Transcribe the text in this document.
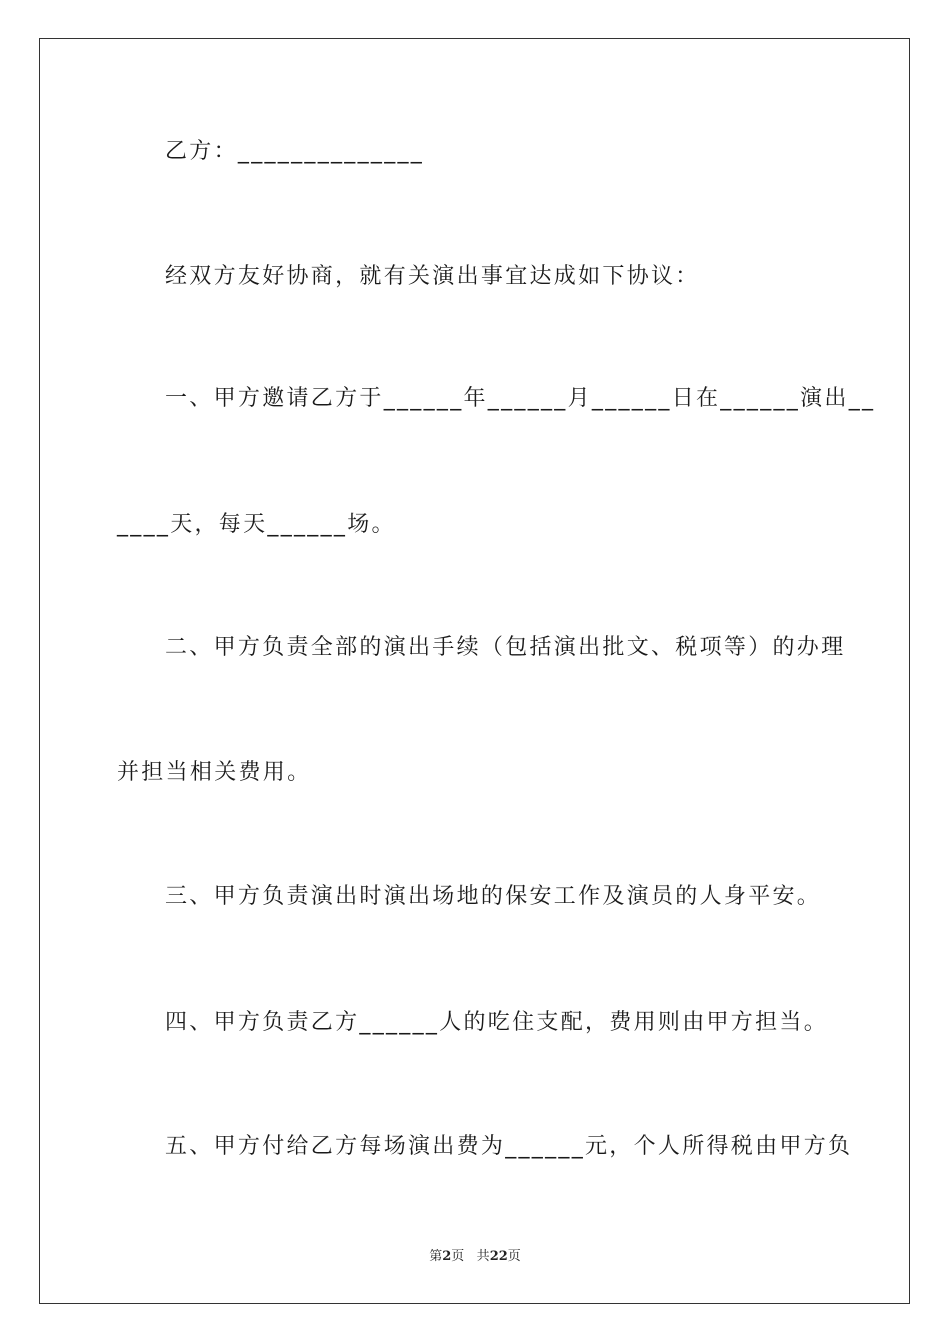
乙方：______________
经双方友好协商，就有关演出事宜达成如下协议：
一、甲方邀请乙方于______年______月______日在______演出__
____天，每天______场。
二、甲方负责全部的演出手续（包括演出批文、税项等）的办理
并担当相关费用。
三、甲方负责演出时演出场地的保安工作及演员的人身平安。
四、甲方负责乙方______人的吃住支配，费用则由甲方担当。
五、甲方付给乙方每场演出费为______元，个人所得税由甲方负
第2页 共22页
